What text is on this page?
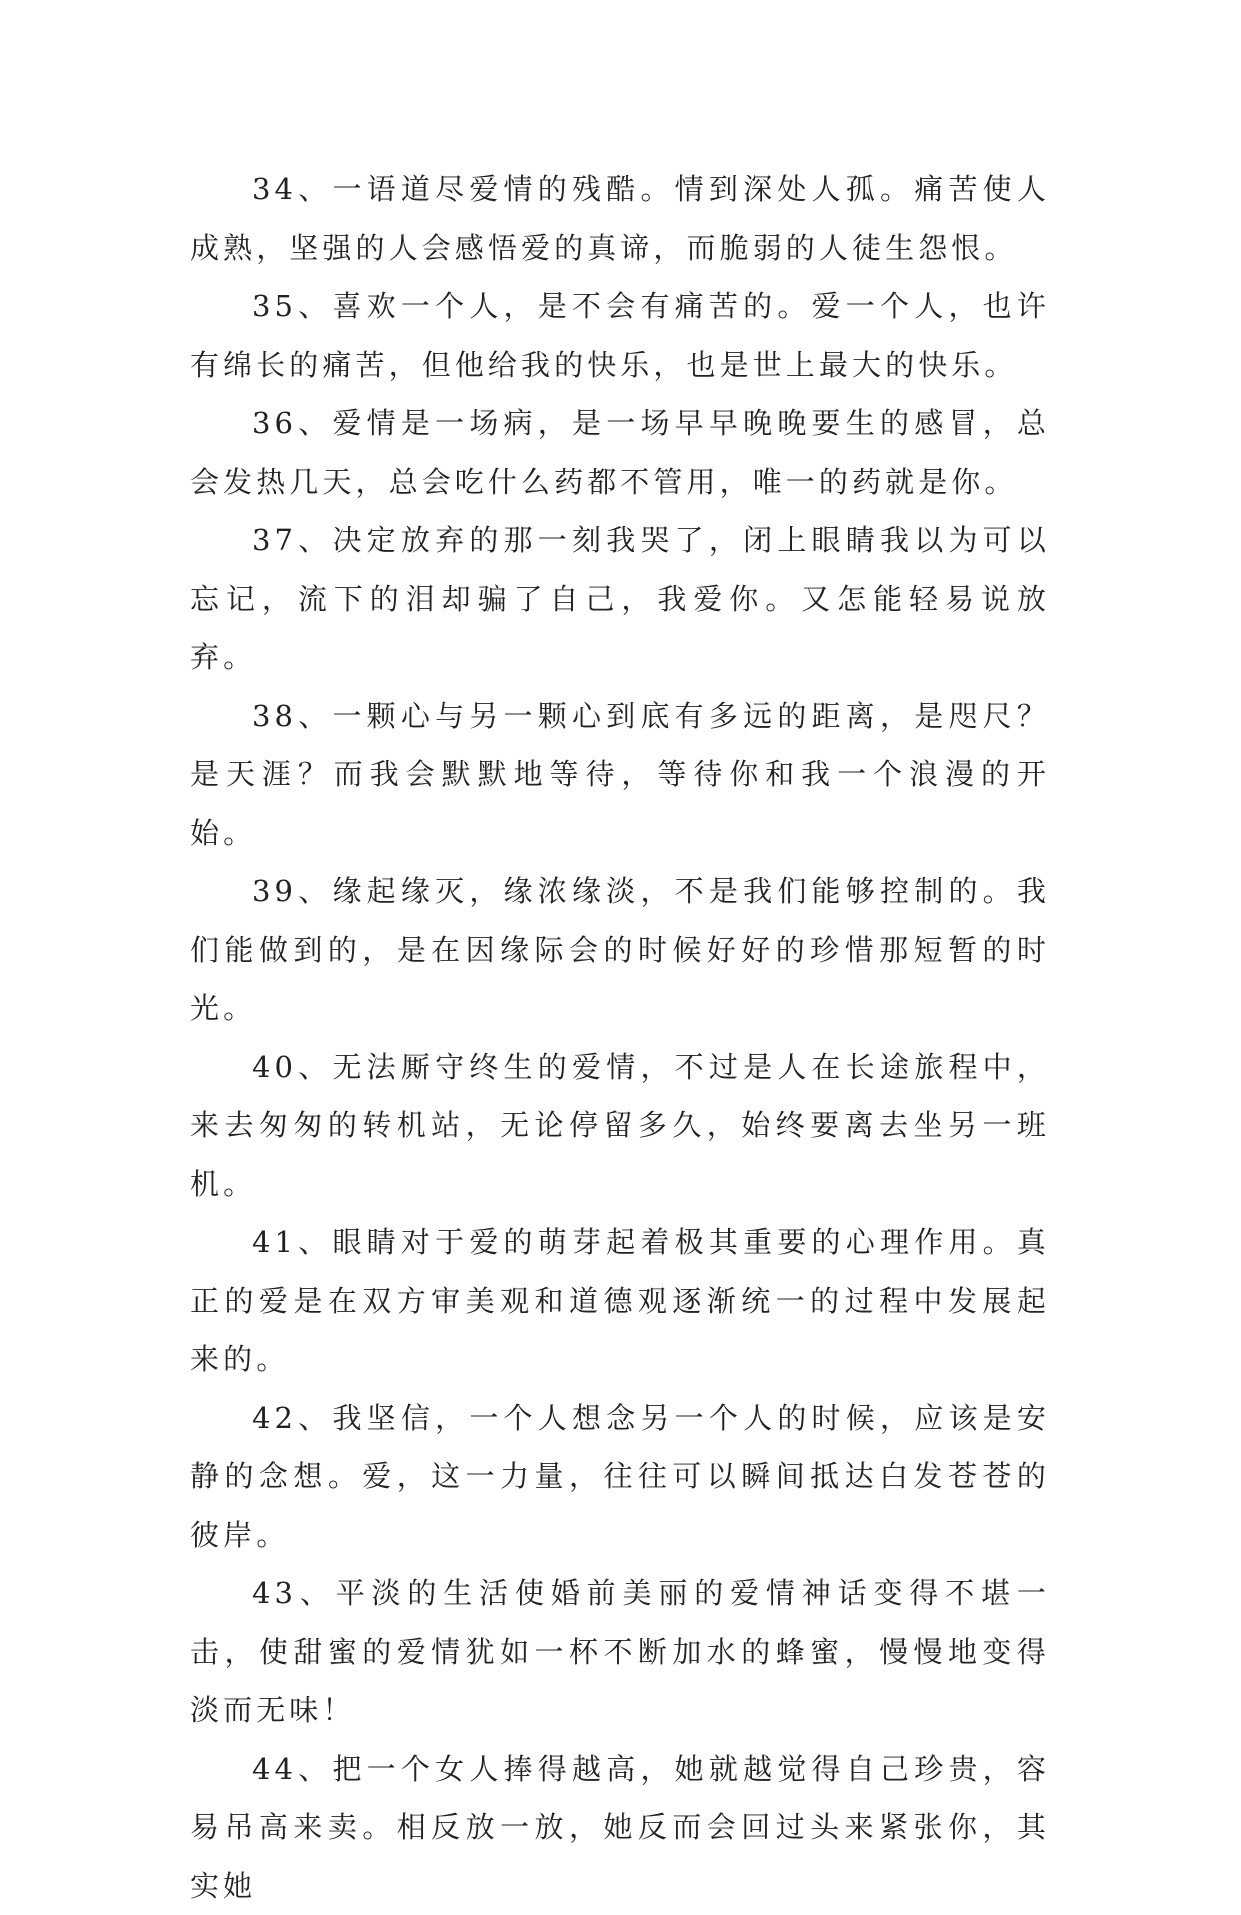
34、一语道尽爱情的残酷。情到深处人孤。痛苦使人成熟，坚强的人会感悟爱的真谛，而脆弱的人徒生怨恨。

35、喜欢一个人，是不会有痛苦的。爱一个人，也许有绵长的痛苦，但他给我的快乐，也是世上最大的快乐。

36、爱情是一场病，是一场早早晚晚要生的感冒，总会发热几天，总会吃什么药都不管用，唯一的药就是你。

37、决定放弃的那一刻我哭了，闭上眼睛我以为可以忘记，流下的泪却骗了自己，我爱你。又怎能轻易说放弃。

38、一颗心与另一颗心到底有多远的距离，是咫尺？是天涯？而我会默默地等待，等待你和我一个浪漫的开始。

39、缘起缘灭，缘浓缘淡，不是我们能够控制的。我们能做到的，是在因缘际会的时候好好的珍惜那短暂的时光。

40、无法厮守终生的爱情，不过是人在长途旅程中，来去匆匆的转机站，无论停留多久，始终要离去坐另一班机。

41、眼睛对于爱的萌芽起着极其重要的心理作用。真正的爱是在双方审美观和道德观逐渐统一的过程中发展起来的。

42、我坚信，一个人想念另一个人的时候，应该是安静的念想。爱，这一力量，往往可以瞬间抵达白发苍苍的彼岸。

43、平淡的生活使婚前美丽的爱情神话变得不堪一击，使甜蜜的爱情犹如一杯不断加水的蜂蜜，慢慢地变得淡而无味！

44、把一个女人捧得越高，她就越觉得自己珍贵，容易吊高来卖。相反放一放，她反而会回过头来紧张你，其实她
